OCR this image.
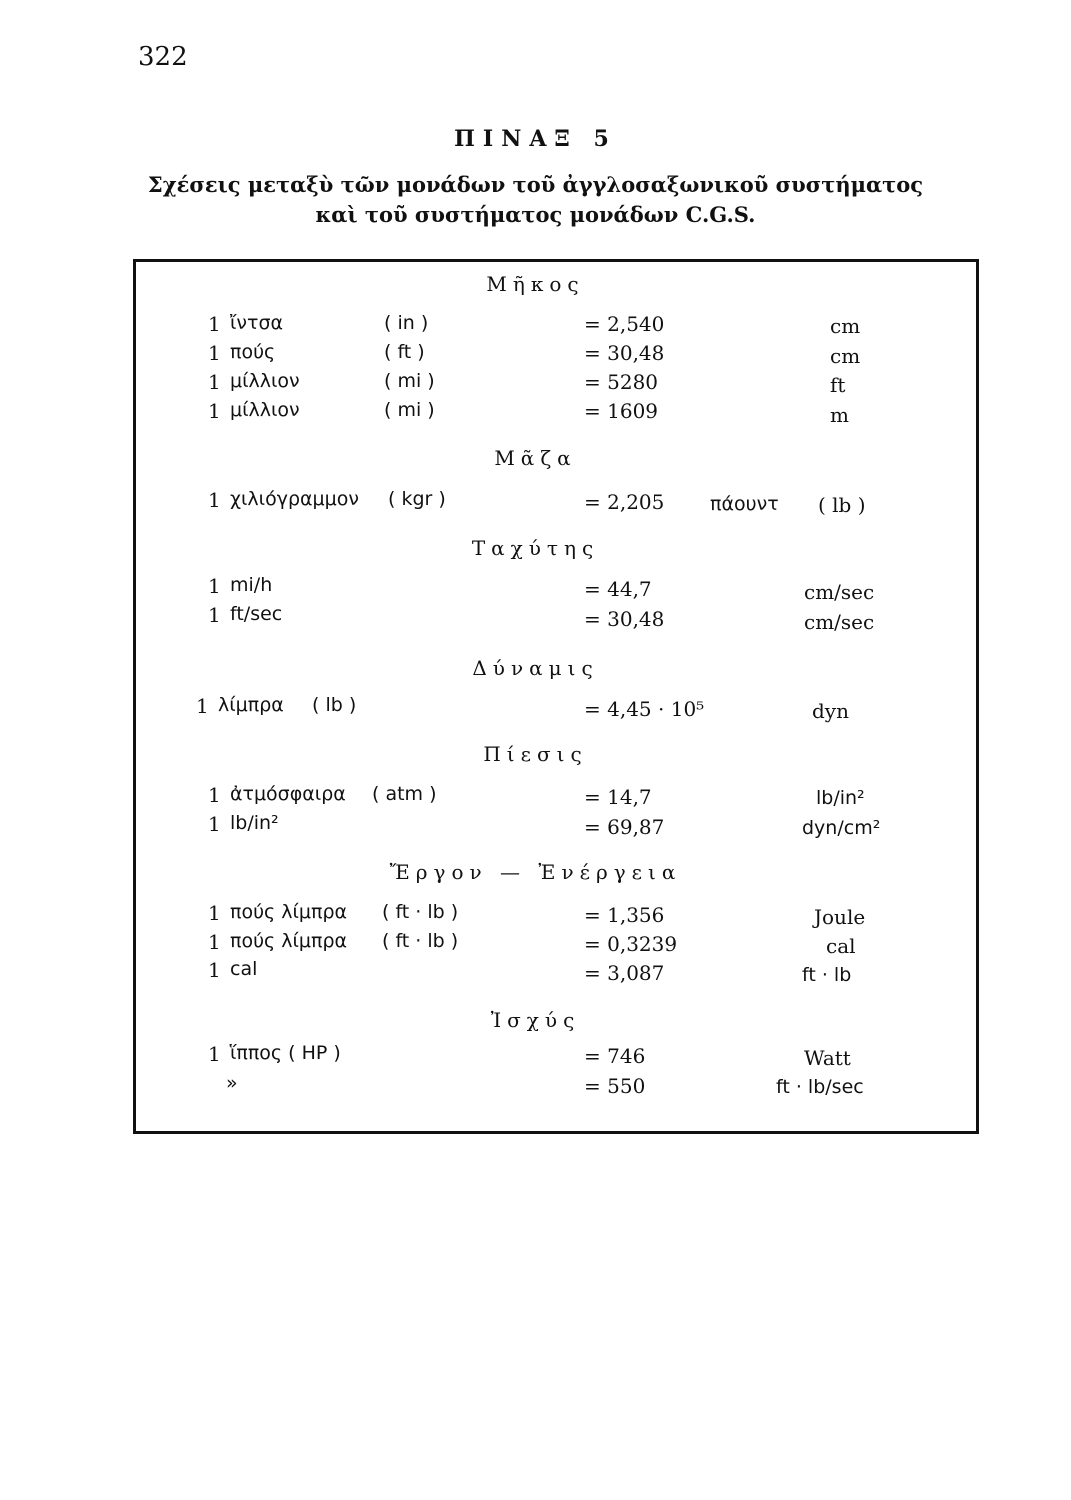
322
ΠΙΝΑΞ 5
Σχέσεις μεταξὺ τῶν μονάδων τοῦ ἀγγλοσαξωνικοῦ συστήματος
καὶ τοῦ συστήματος μονάδων C.G.S.
Μῆκος
1 ἴντσα	( in )	= 2,540	cm
1 πούς	( ft )	= 30,48	cm
1 μίλλιον	( mi )	= 5280	ft
1 μίλλιον	( mi )	= 1609	m
Μᾶζα
1 χιλιόγραμμον ( kgr )	= 2,205 πάουντ ( lb )
Ταχύτης
1 mi/h	= 44,7	cm/sec
1 ft/sec	= 30,48	cm/sec
Δύναμις
1 λίμπρα ( lb )	= 4,45 · 10⁵	dyn
Πίεσις
1 ἀτμόσφαιρα ( atm )	= 14,7	lb/in²
1 lb/in²	= 69,87	dyn/cm²
Ἔργον — Ἐνέργεια
1 πούς λίμπρα ( ft · lb )	= 1,356	Joule
1 πούς λίμπρα ( ft · lb )	= 0,3239	cal
1 cal	= 3,087	ft · lb
Ἰσχύς
1 ἵππος ( HP )	= 746	Watt
»	= 550	ft · lb/sec
